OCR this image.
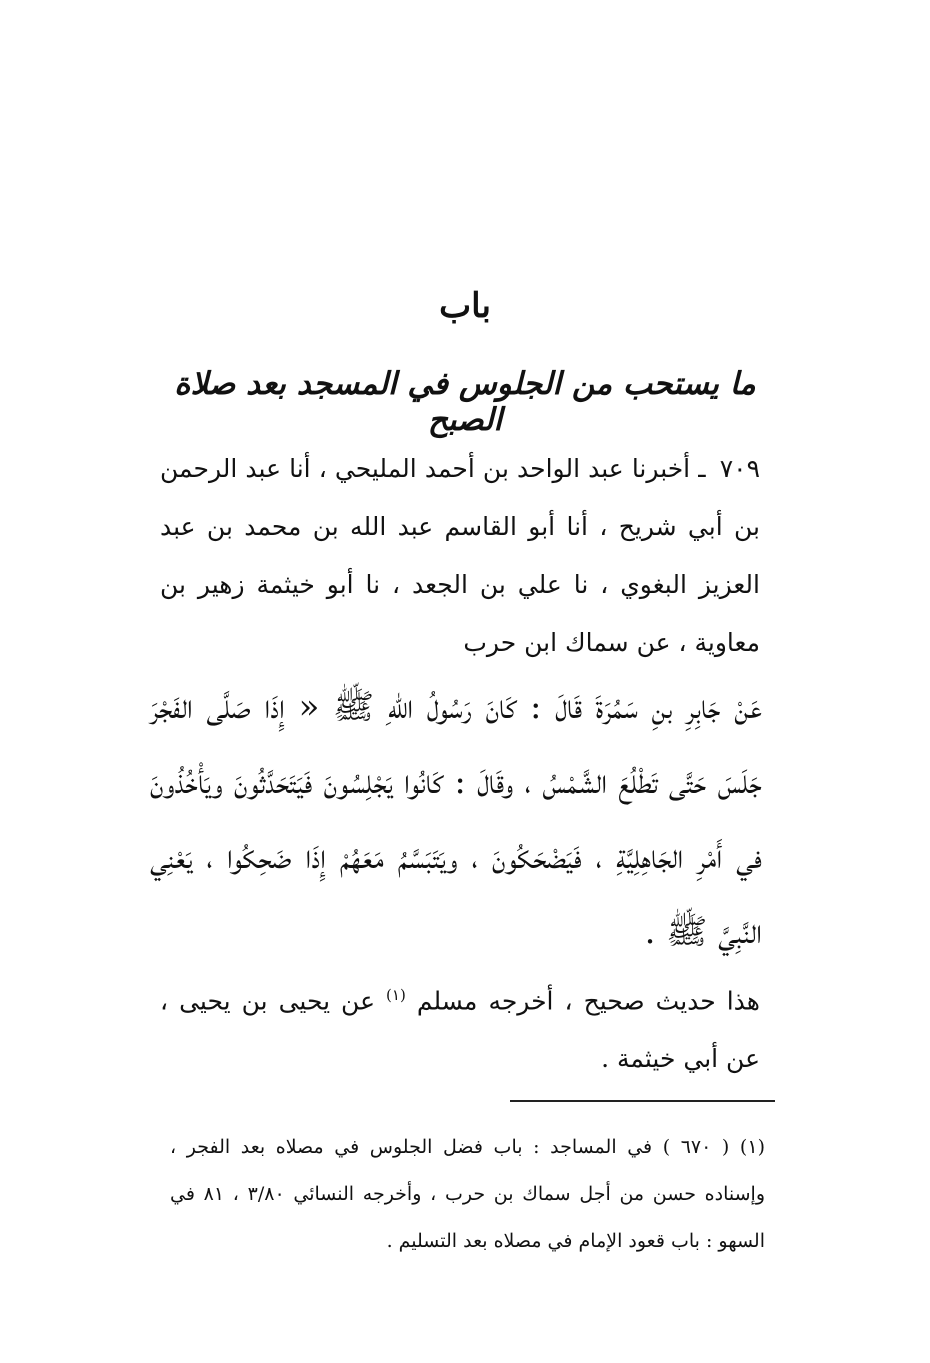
باب
ما يستحب من الجلوس في المسجد بعد صلاة الصبح

٧٠٩ ـ أخبرنا عبد الواحد بن أحمد المليحي ، أنا عبد الرحمن بن أبي شريح ، أنا أبو القاسم عبد الله بن محمد بن عبد العزيز البغوي ، نا علي بن الجعد ، نا أبو خيثمة زهير بن معاوية ، عن سماك ابن حرب

عَنْ جَابِرِ بنِ سَمُرَةَ قَالَ : كَانَ رَسُولُ اللهِ ﷺ « إِذَا صَلَّى الفَجْرَ جَلَسَ حَتَّى تَطْلُعَ الشَّمْسُ ، وقَالَ : كَانُوا يَجْلِسُونَ فَيَتَحَدَّثُونَ ويَأْخُذُونَ في أَمْرِ الجَاهِلِيَّةِ ، فَيَضْحَكُونَ ، ويَتَبَسَّمُ مَعَهُمْ إِذَا ضَحِكُوا ، يَعْنِي النَّبِيَّ ﷺ .

هذا حديث صحيح ، أخرجه مسلم $^{(١)}$ عن يحيى بن يحيى ، عن أبي خيثمة .

(١) ( ٦٧٠ ) في المساجد : باب فضل الجلوس في مصلاه بعد الفجر ، وإسناده حسن من أجل سماك بن حرب ، وأخرجه النسائي ٣/٨٠ ، ٨١ في السهو : باب قعود الإمام في مصلاه بعد التسليم .
